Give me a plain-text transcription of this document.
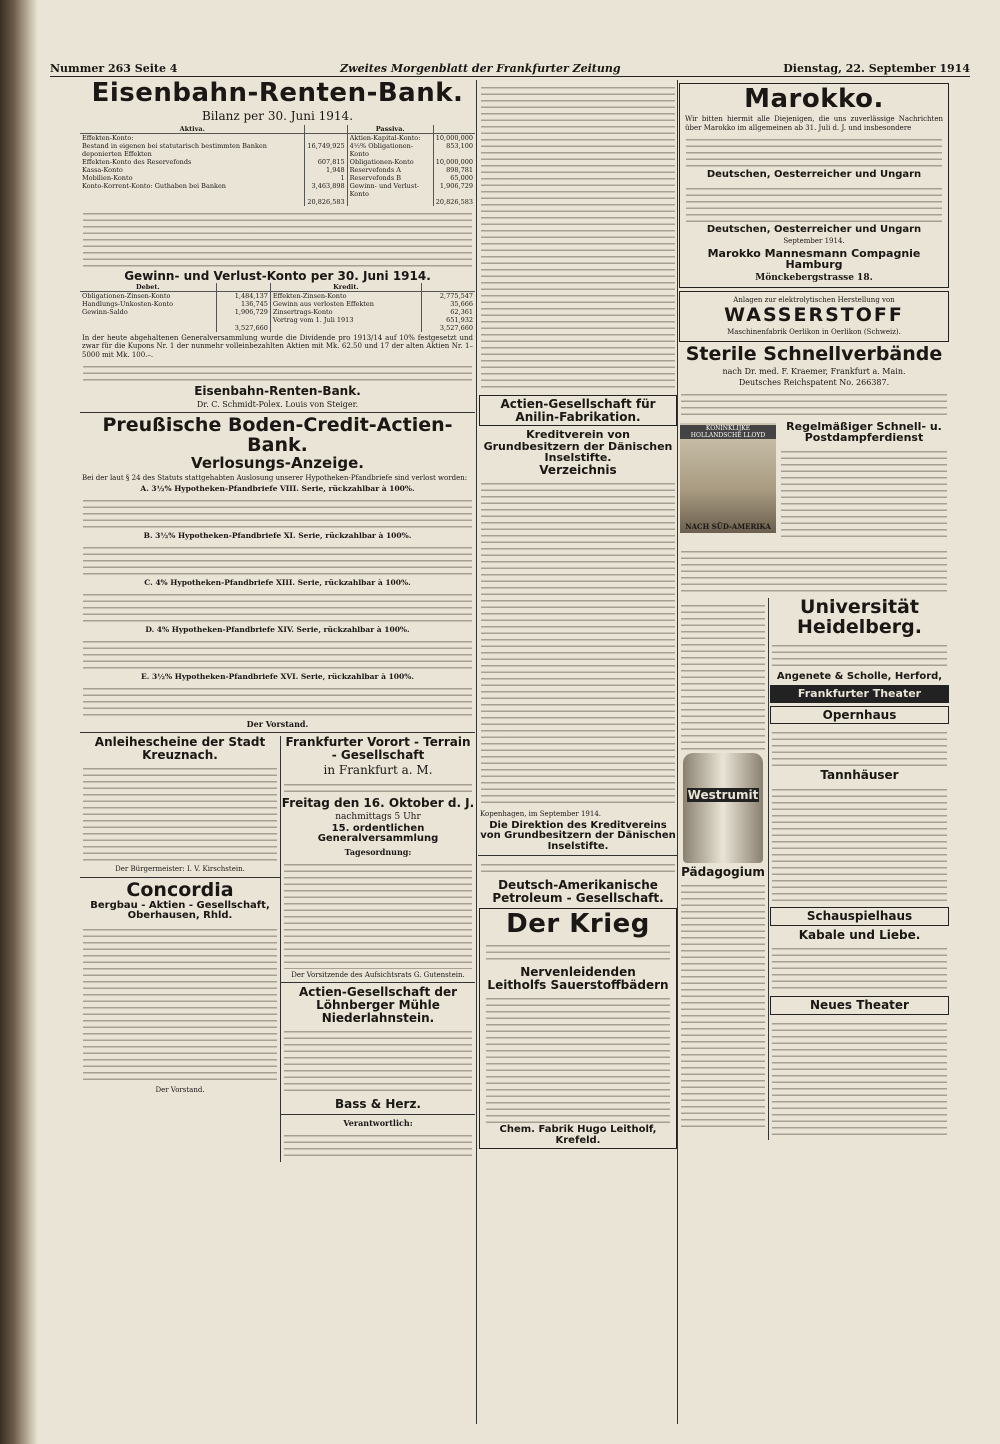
Nummer 263 Seite 4	Zweites Morgenblatt der Frankfurter Zeitung	Dienstag, 22. September 1914
Eisenbahn-Renten-Bank.
Bilanz per 30. Juni 1914.
Aktiva.		Passiva.	
Effekten-Konto:		Aktien-Kapital-Konto:	10,000,000
Bestand in eigenen bei statutarisch bestimmten Banken deponierten Effekten	16,749,925	4½% Obligationen-Konto	853,100
Effekten-Konto des Reservefonds	607,815	Obligationen-Konto	10,000,000
Kassa-Konto	1,948	Reservefonds A	898,781
Mobilien-Konto	1	Reservefonds B	65,000
Konto-Korrent-Konto: Guthaben bei Banken	3,463,898	Gewinn- und Verlust-Konto	1,906,729
	20,826,583		20,826,583
Gewinn- und Verlust-Konto per 30. Juni 1914.
Debet.		Kredit.	
Obligationen-Zinsen-Konto	1,484,137	Effekten-Zinsen-Konto	2,775,547
Handlungs-Unkosten-Konto	136,745	Gewinn aus verlosten Effekten	35,666
Gewinn-Saldo	1,906,729	Zinsertrags-Konto	62,361
		Vortrag vom 1. Juli 1913	651,932
	3,527,660		3,527,660
In der heute abgehaltenen Generalversammlung wurde die Dividende pro 1913/14 auf 10% festgesetzt und zwar für die Kupons Nr. 1 der nunmehr volleinbezahlten Aktien mit Mk. 62.50 und 17 der alten Aktien Nr. 1–5000 mit Mk. 100.–.
Eisenbahn-Renten-Bank.
Dr. C. Schmidt-Polex. Louis von Steiger.
Preußische Boden-Credit-Actien-Bank.
Verlosungs-Anzeige.
Bei der laut § 24 des Statuts stattgehabten Auslosung unserer Hypotheken-Pfandbriefe sind verlost worden:
A. 3½% Hypotheken-Pfandbriefe VIII. Serie, rückzahlbar à 100%.
B. 3½% Hypotheken-Pfandbriefe XI. Serie, rückzahlbar à 100%.
C. 4% Hypotheken-Pfandbriefe XIII. Serie, rückzahlbar à 100%.
D. 4% Hypotheken-Pfandbriefe XIV. Serie, rückzahlbar à 100%.
E. 3½% Hypotheken-Pfandbriefe XVI. Serie, rückzahlbar à 100%.
Der Vorstand.
Anleihescheine der Stadt Kreuznach.
Der Bürgermeister: I. V. Kirschstein.
Concordia
Bergbau - Aktien - Gesellschaft, Oberhausen, Rhld.
Der Vorstand.
Frankfurter Vorort - Terrain - Gesellschaft
in Frankfurt a. M.
Freitag den 16. Oktober d. J.
nachmittags 5 Uhr
15. ordentlichen Generalversammlung
Tagesordnung:
Der Vorsitzende des Aufsichtsrats G. Gutenstein.
Actien-Gesellschaft der Löhnberger Mühle Niederlahnstein.
Bass & Herz.
Verantwortlich:
Actien-Gesellschaft für Anilin-Fabrikation.
Kreditverein von Grundbesitzern der Dänischen Inselstifte.
Verzeichnis
Kopenhagen, im September 1914.
Die Direktion des Kreditvereins von Grundbesitzern der Dänischen Inselstifte.
Deutsch-Amerikanische Petroleum - Gesellschaft.
Der Krieg
Nervenleidenden
Leitholfs Sauerstoffbädern
Chem. Fabrik Hugo Leitholf, Krefeld.
Marokko.
Wir bitten hiermit alle Diejenigen, die uns zuverlässige Nachrichten über Marokko im allgemeinen ab 31. Juli d. J. und insbesondere
Deutschen, Oesterreicher und Ungarn
Deutschen, Oesterreicher und Ungarn
September 1914.
Marokko Mannesmann Compagnie Hamburg
Mönckebergstrasse 18.
Anlagen zur elektrolytischen Herstellung von
WASSERSTOFF
Maschinenfabrik Oerlikon in Oerlikon (Schweiz).
Sterile Schnellverbände
nach Dr. med. F. Kraemer, Frankfurt a. Main.
Deutsches Reichspatent No. 266387.
KONINKLIJKE HOLLANDSCHE LLOYD
NACH SÜD-AMERIKA
Regelmäßiger Schnell- u. Postdampferdienst
Westrumit
Pädagogium
Universität Heidelberg.
Angenete & Scholle, Herford,
Frankfurter Theater
Opernhaus
Tannhäuser
Schauspielhaus
Kabale und Liebe.
Neues Theater
